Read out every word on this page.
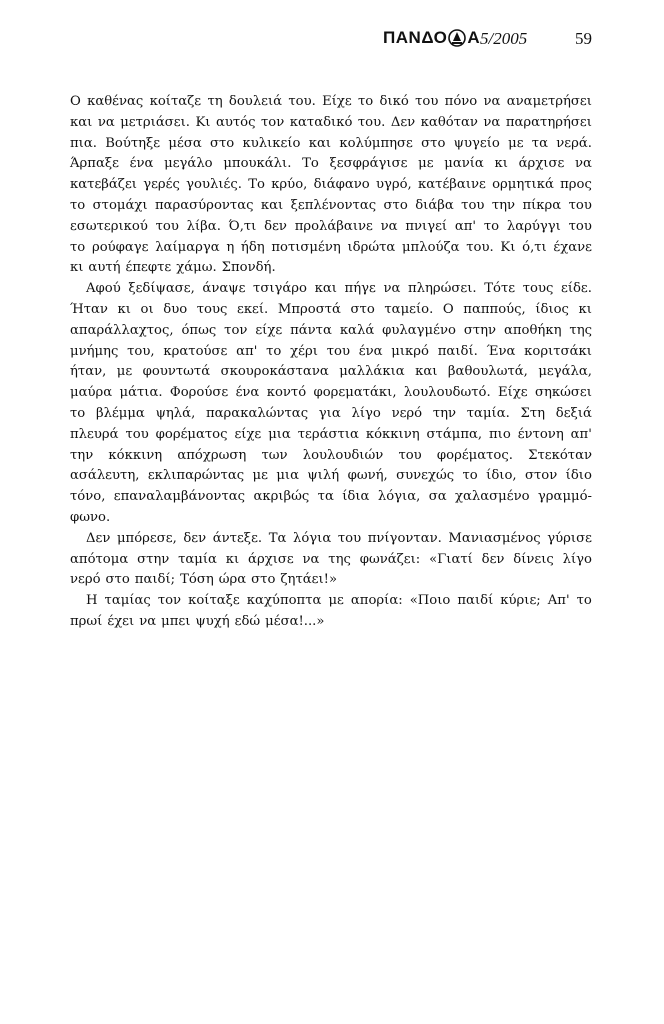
ΠΑΝΔΟ Α 5/2005	59
Ο καθένας κοίταζε τη δουλειά του. Είχε το δικό του πόνο να αναμετρήσει
και να μετριάσει. Κι αυτός τον καταδικό του. Δεν καθόταν να παρατηρήσει
πια. Βούτηξε μέσα στο κυλικείο και κολύμπησε στο ψυγείο με τα νερά.
Άρπαξε ένα μεγάλο μπουκάλι. Το ξεσφράγισε με μανία κι άρχισε να
κατεβάζει γερές γουλιές. Το κρύο, διάφανο υγρό, κατέβαινε ορμητικά προς
το στομάχι παρασύροντας και ξεπλένοντας στο διάβα του την πίκρα του
εσωτερικού του λίβα. Ό,τι δεν προλάβαινε να πνιγεί απ' το λαρύγγι του
το ρούφαγε λαίμαργα η ήδη ποτισμένη ιδρώτα μπλούζα του. Κι ό,τι έχανε
κι αυτή έπεφτε χάμω. Σπονδή.
Αφού ξεδίψασε, άναψε τσιγάρο και πήγε να πληρώσει. Τότε τους είδε.
Ήταν κι οι δυο τους εκεί. Μπροστά στο ταμείο. Ο παππούς, ίδιος κι
απαράλλαχτος, όπως τον είχε πάντα καλά φυλαγμένο στην αποθήκη της
μνήμης του, κρατούσε απ' το χέρι του ένα μικρό παιδί. Ένα κοριτσάκι
ήταν, με φουντωτά σκουροκάστανα μαλλάκια και βαθουλωτά, μεγάλα,
μαύρα μάτια. Φορούσε ένα κοντό φορεματάκι, λουλουδωτό. Είχε σηκώσει
το βλέμμα ψηλά, παρακαλώντας για λίγο νερό την ταμία. Στη δεξιά
πλευρά του φορέματος είχε μια τεράστια κόκκινη στάμπα, πιο έντονη απ'
την κόκκινη απόχρωση των λουλουδιών του φορέματος. Στεκόταν
ασάλευτη, εκλιπαρώντας με μια ψιλή φωνή, συνεχώς το ίδιο, στον ίδιο
τόνο, επαναλαμβάνοντας ακριβώς τα ίδια λόγια, σα χαλασμένο γραμμό-
φωνο.
Δεν μπόρεσε, δεν άντεξε. Τα λόγια του πνίγονταν. Μανιασμένος γύρισε
απότομα στην ταμία κι άρχισε να της φωνάζει: «Γιατί δεν δίνεις λίγο
νερό στο παιδί; Τόση ώρα στο ζητάει!»
Η ταμίας τον κοίταξε καχύποπτα με απορία: «Ποιο παιδί κύριε; Απ' το
πρωί έχει να μπει ψυχή εδώ μέσα!...»
